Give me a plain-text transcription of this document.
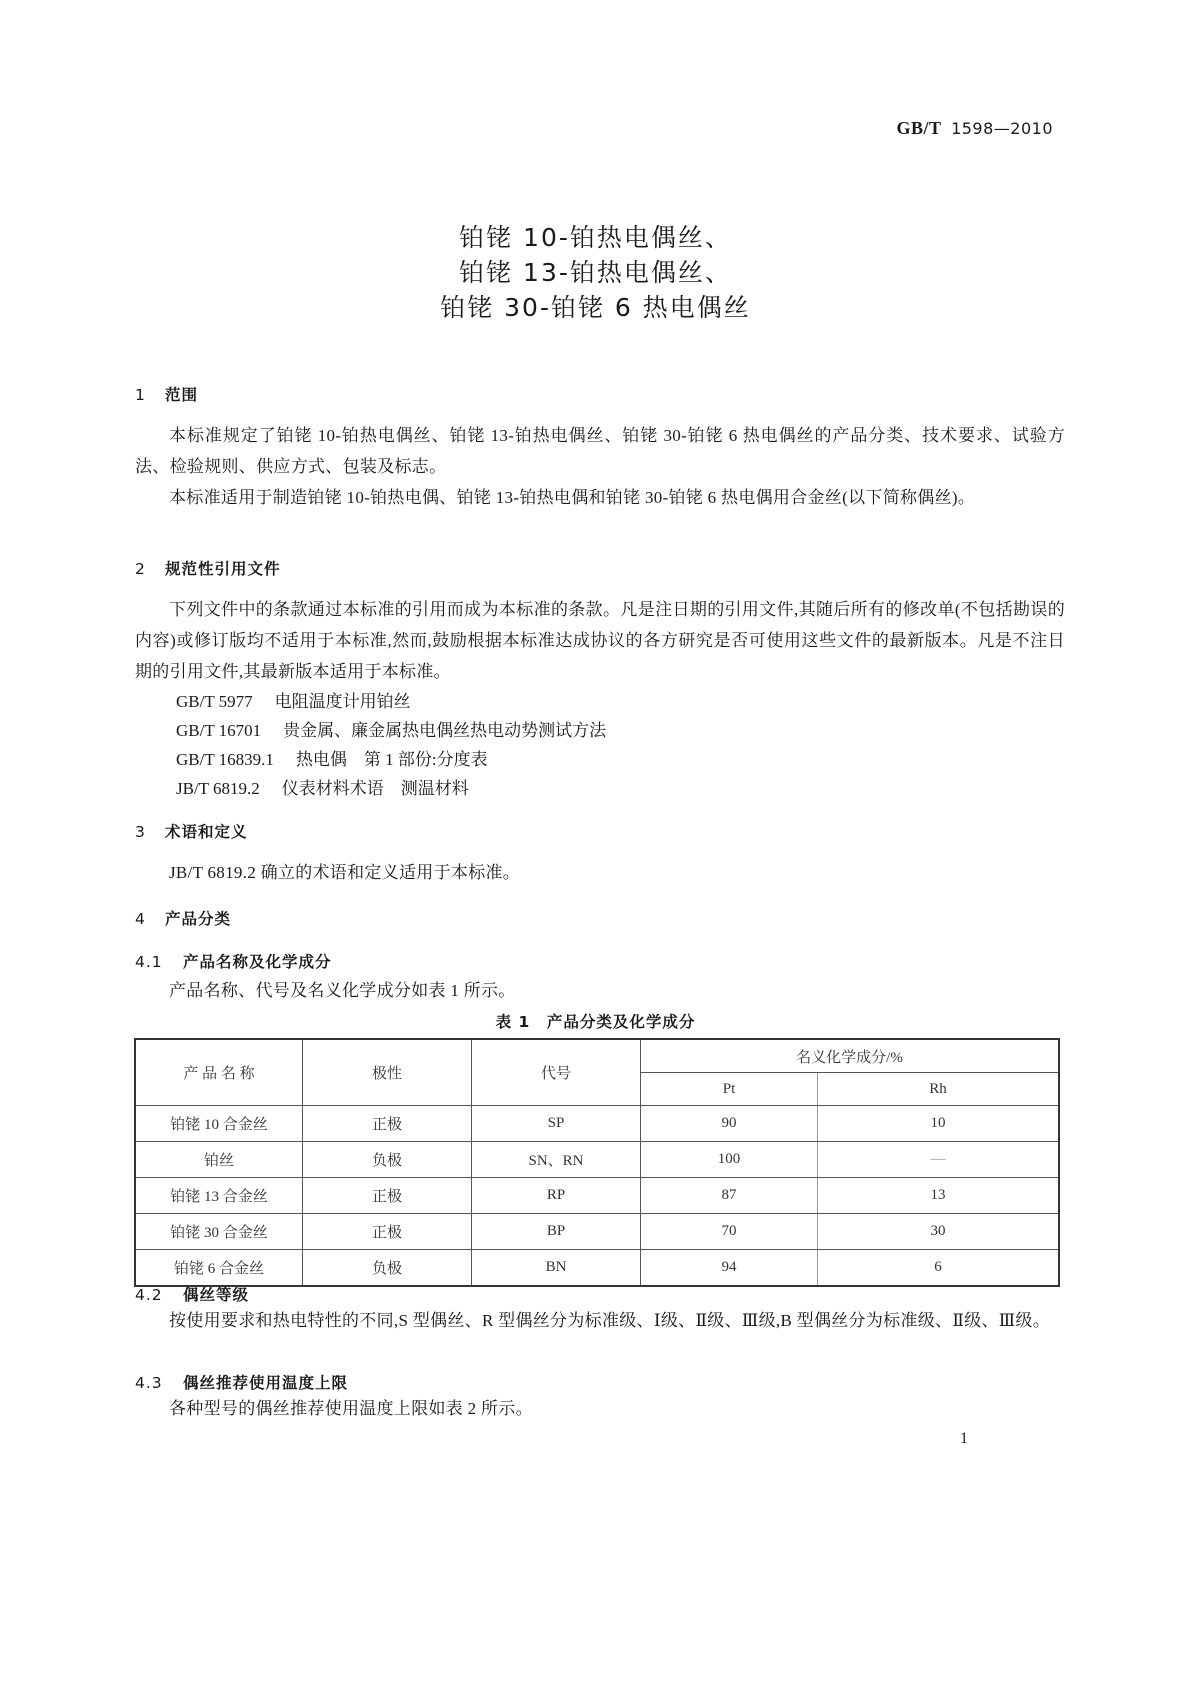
GB/T 1598—2010
铂铑 10-铂热电偶丝、
铂铑 13-铂热电偶丝、
铂铑 30-铂铑 6 热电偶丝
1 范围
本标准规定了铂铑 10-铂热电偶丝、铂铑 13-铂热电偶丝、铂铑 30-铂铑 6 热电偶丝的产品分类、技术要求、试验方法、检验规则、供应方式、包装及标志。
本标准适用于制造铂铑 10-铂热电偶、铂铑 13-铂热电偶和铂铑 30-铂铑 6 热电偶用合金丝(以下简称偶丝)。
2 规范性引用文件
下列文件中的条款通过本标准的引用而成为本标准的条款。凡是注日期的引用文件,其随后所有的修改单(不包括勘误的内容)或修订版均不适用于本标准,然而,鼓励根据本标准达成协议的各方研究是否可使用这些文件的最新版本。凡是不注日期的引用文件,其最新版本适用于本标准。
GB/T 5977 电阻温度计用铂丝
GB/T 16701 贵金属、廉金属热电偶丝热电动势测试方法
GB/T 16839.1 热电偶　第 1 部份:分度表
JB/T 6819.2 仪表材料术语　测温材料
3 术语和定义
JB/T 6819.2 确立的术语和定义适用于本标准。
4 产品分类
4.1 产品名称及化学成分
产品名称、代号及名义化学成分如表 1 所示。
表 1　产品分类及化学成分
产 品 名 称	极性	代号	名义化学成分/%	
			Pt	Rh
铂铑 10 合金丝	正极	SP	90	10
铂丝	负极	SN、RN	100	—
铂铑 13 合金丝	正极	RP	87	13
铂铑 30 合金丝	正极	BP	70	30
铂铑 6 合金丝	负极	BN	94	6
4.2 偶丝等级
按使用要求和热电特性的不同,S 型偶丝、R 型偶丝分为标准级、Ⅰ级、Ⅱ级、Ⅲ级,B 型偶丝分为标准级、Ⅱ级、Ⅲ级。
4.3 偶丝推荐使用温度上限
各种型号的偶丝推荐使用温度上限如表 2 所示。
1
